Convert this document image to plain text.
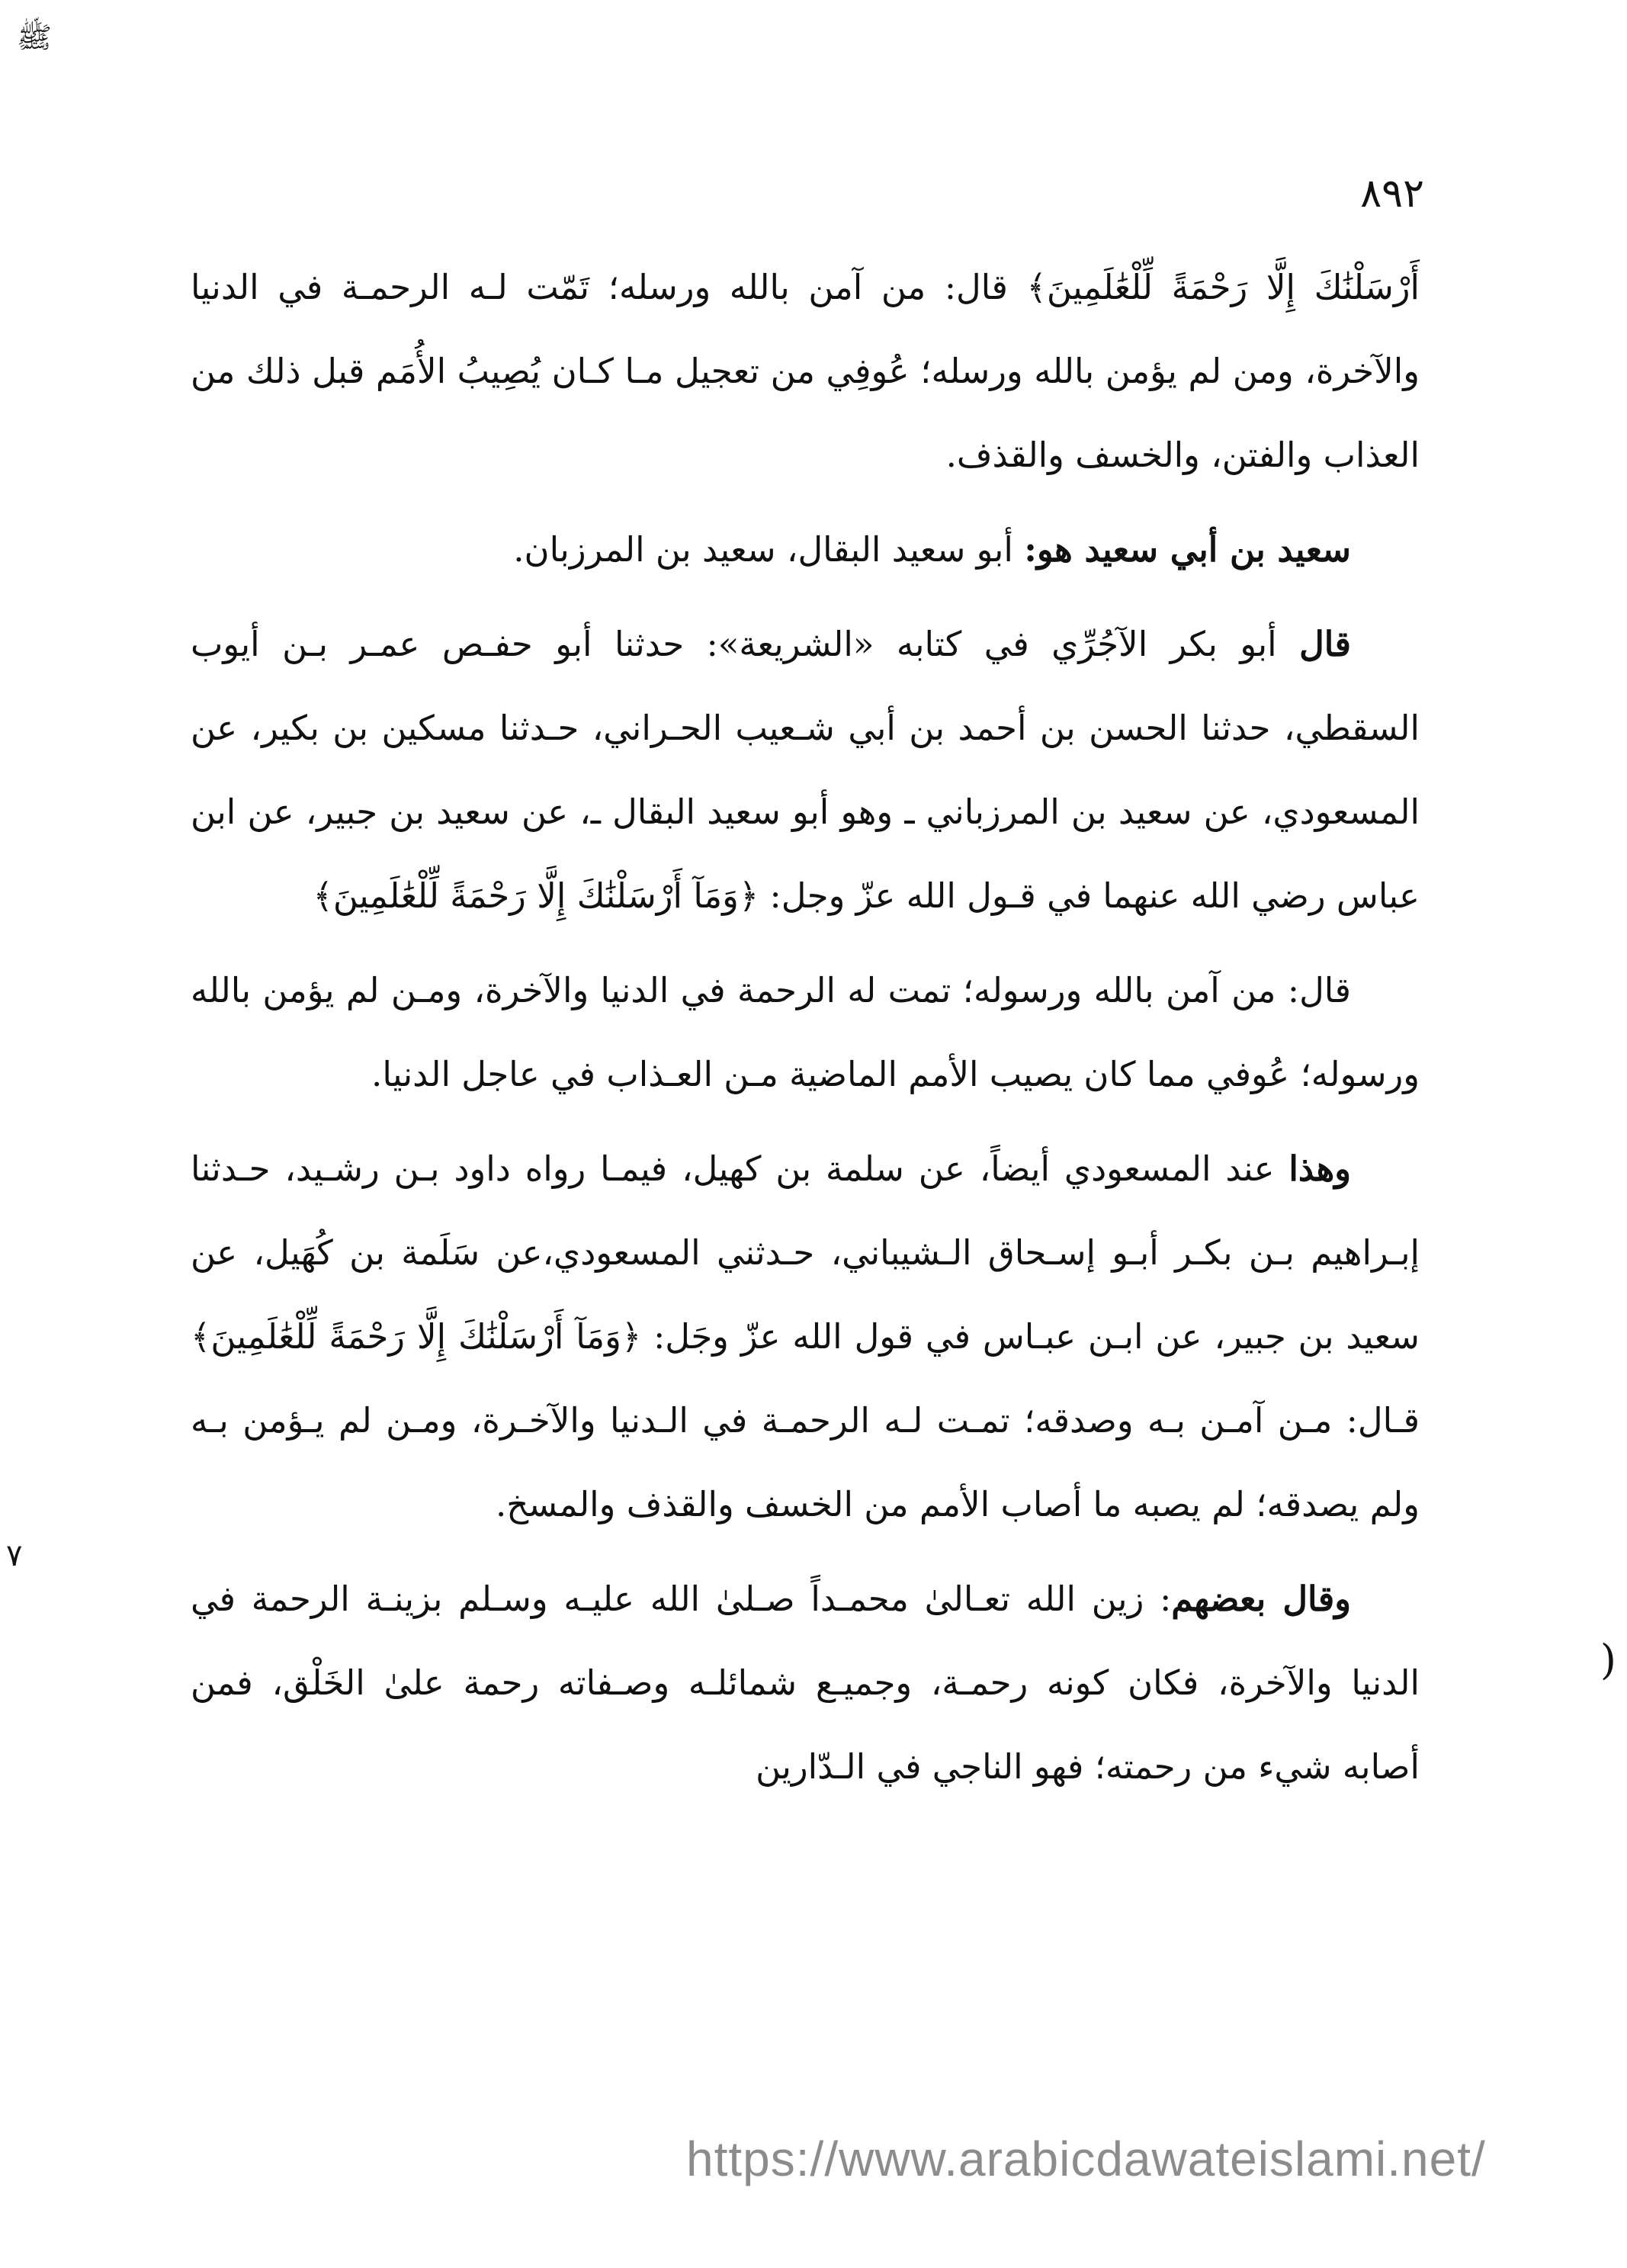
ﷺ
٨٩٢
٧
)

أَرْسَلْنَٰكَ إِلَّا رَحْمَةً لِّلْعَٰلَمِينَ﴾ قال: من آمن بالله ورسله؛ تَمّت لـه الرحمـة في الدنيا والآخرة، ومن لم يؤمن بالله ورسله؛ عُوفِي من تعجيل مـا كـان يُصِيبُ الأُمَم قبل ذلك من العذاب والفتن، والخسف والقذف.

سعيد بن أبي سعيد هو: أبو سعيد البقال، سعيد بن المرزبان.

قال أبو بكر الآجُرِّي في كتابه «الشريعة»: حدثنا أبو حفـص عمـر بـن أيوب السقطي، حدثنا الحسن بن أحمد بن أبي شـعيب الحـراني، حـدثنا مسكين بن بكير، عن المسعودي، عن سعيد بن المرزباني ـ وهو أبو سعيد البقال ـ، عن سعيد بن جبير، عن ابن عباس رضي الله عنهما في قـول الله عزّ وجل: ﴿وَمَآ أَرْسَلْنَٰكَ إِلَّا رَحْمَةً لِّلْعَٰلَمِينَ﴾

قال: من آمن بالله ورسوله؛ تمت له الرحمة في الدنيا والآخرة، ومـن لم يؤمن بالله ورسوله؛ عُوفي مما كان يصيب الأمم الماضية مـن العـذاب في عاجل الدنيا.

وهذا عند المسعودي أيضاً، عن سلمة بن كهيل، فيمـا رواه داود بـن رشـيد، حـدثنا إبـراهيم بـن بكـر أبـو إسـحاق الـشيباني، حـدثني المسعودي،عن سَلَمة بن كُهَيل، عن سعيد بن جبير، عن ابـن عبـاس في قول الله عزّ وجَل: ﴿وَمَآ أَرْسَلْنَٰكَ إِلَّا رَحْمَةً لِّلْعَٰلَمِينَ﴾ قـال: مـن آمـن بـه وصدقه؛ تمـت لـه الرحمـة في الـدنيا والآخـرة، ومـن لم يـؤمن بـه ولم يصدقه؛ لم يصبه ما أصاب الأمم من الخسف والقذف والمسخ.

وقال بعضهم: زين الله تعـالىٰ محمـداً صـلىٰ الله عليـه وسـلم بزينـة الرحمة في الدنيا والآخرة، فكان كونه رحمـة، وجميـع شمائلـه وصـفاته رحمة علىٰ الخَلْق، فمن أصابه شيء من رحمته؛ فهو الناجي في الـدّارين

https://www.arabicdawateislami.net/
